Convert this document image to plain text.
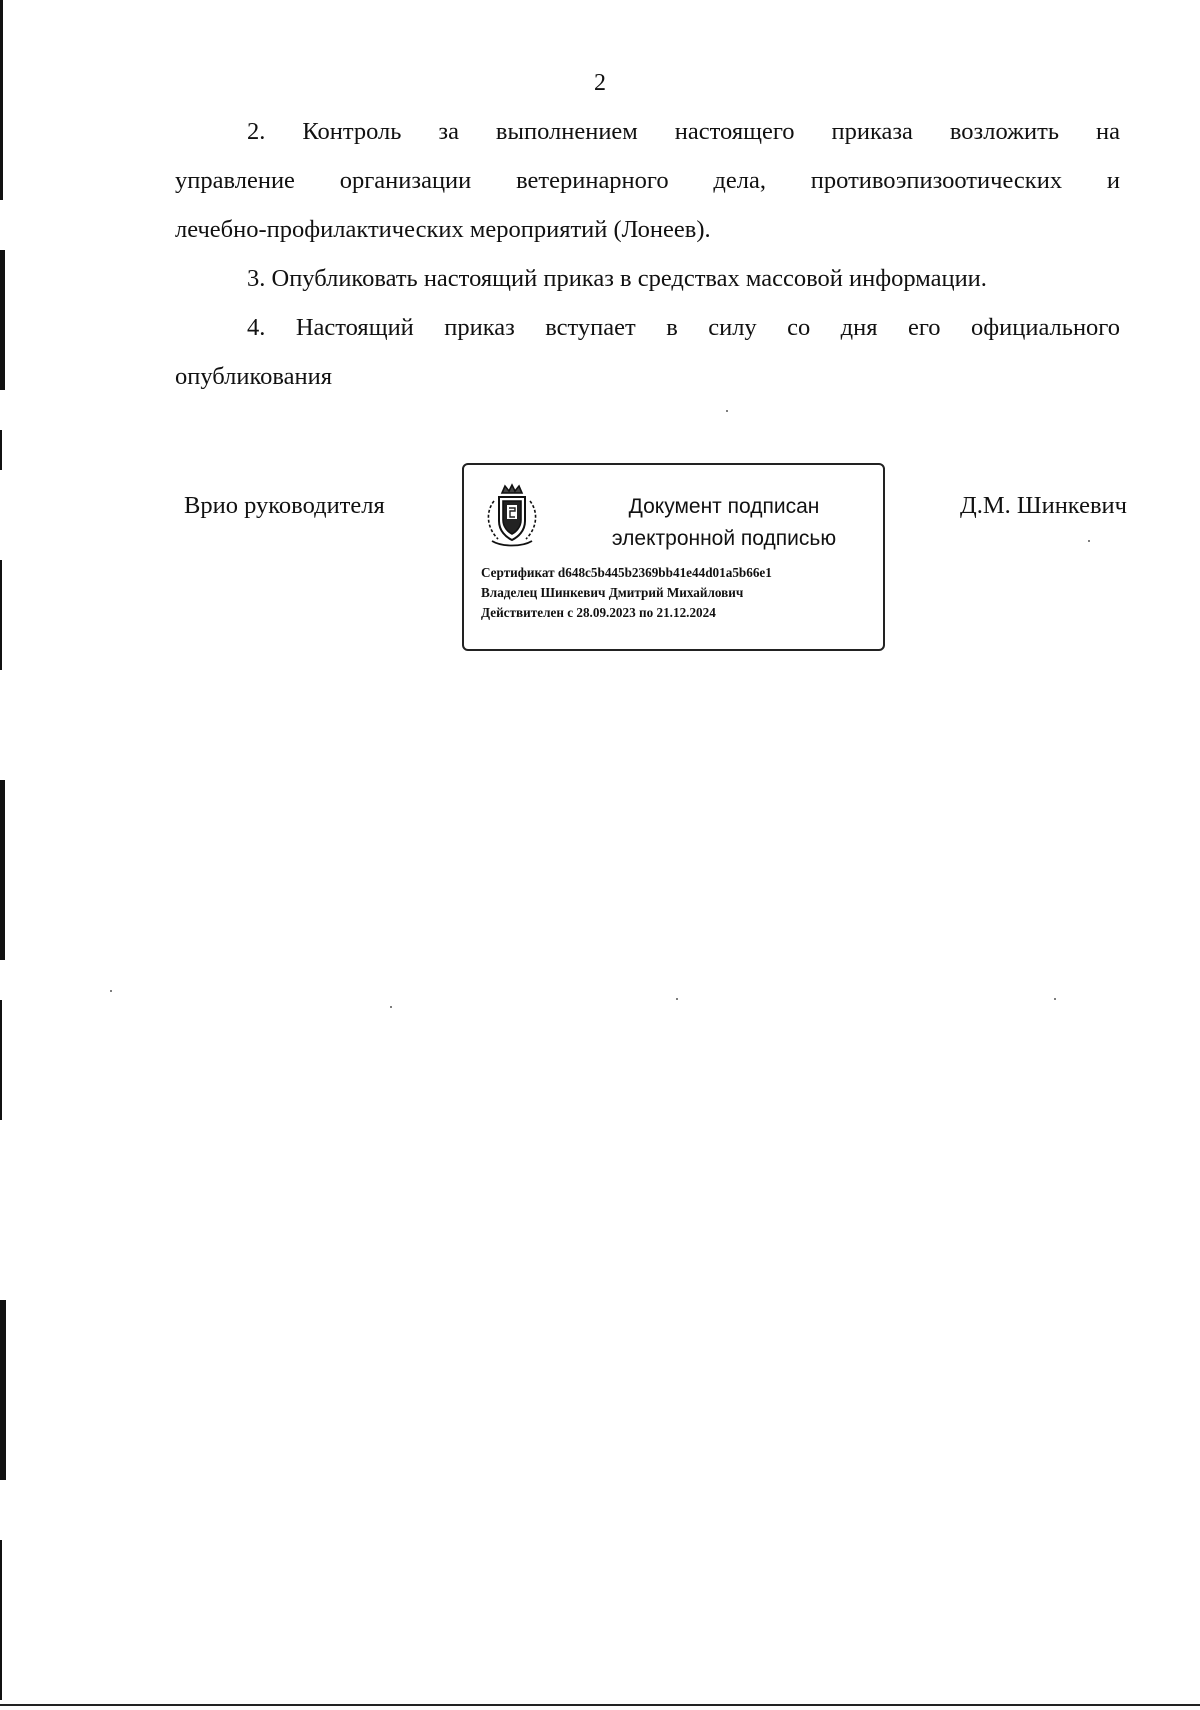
2
2. Контроль за выполнением настоящего приказа возложить на
управление организации ветеринарного дела, противоэпизоотических и
лечебно-профилактических мероприятий (Лонеев).
3. Опубликовать настоящий приказ в средствах массовой информации.
4. Настоящий приказ вступает в силу со дня его официального
опубликования
Врио руководителя	Д.М. Шинкевич
Документ подписан
электронной подписью
Сертификат d648c5b445b2369bb41e44d01a5b66e1
Владелец Шинкевич Дмитрий Михайлович
Действителен с 28.09.2023 по 21.12.2024
